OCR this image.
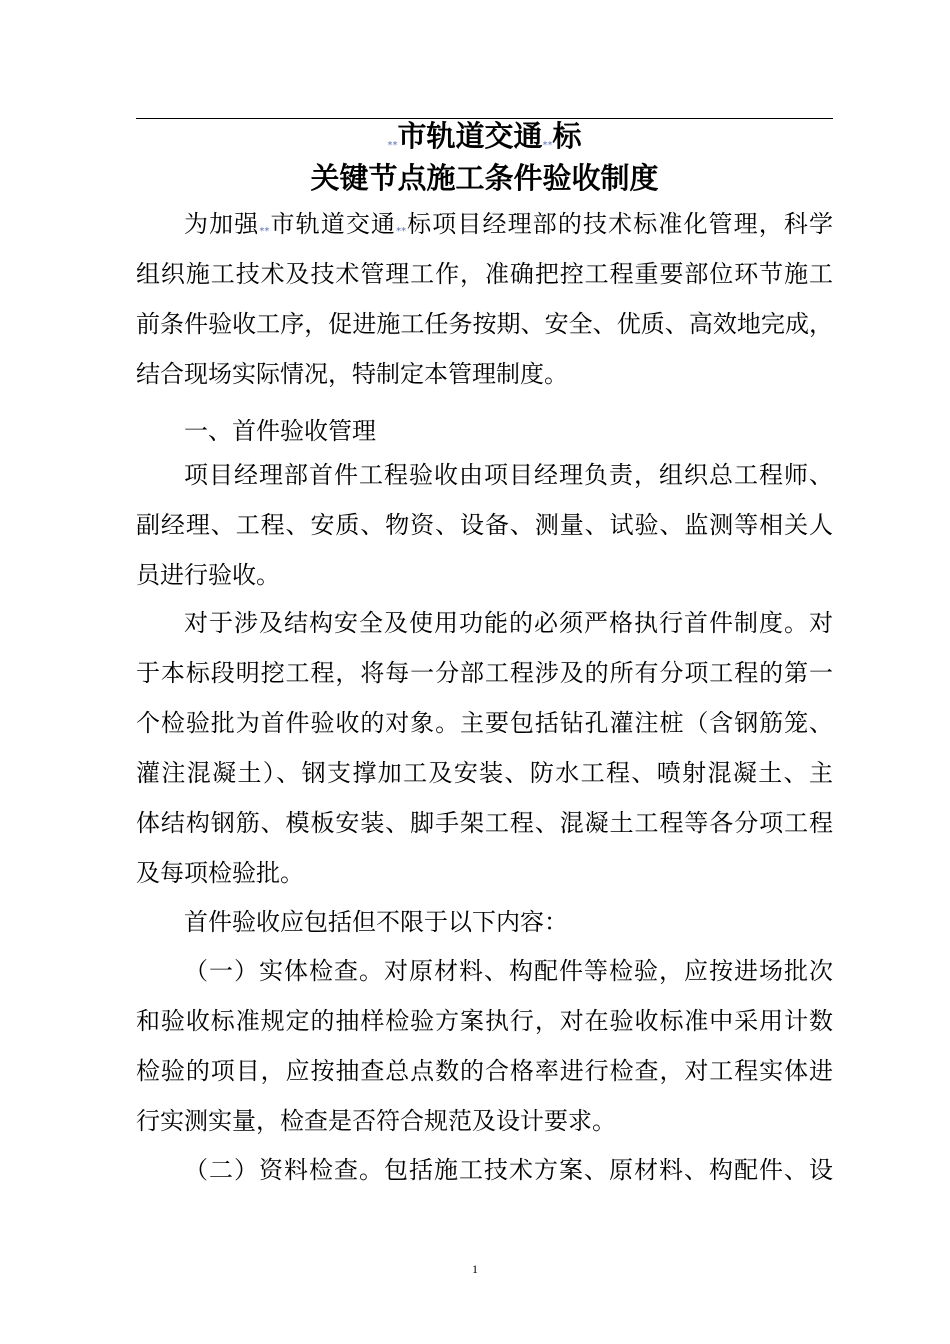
**市轨道交通**标
关键节点施工条件验收制度
为加强**市轨道交通**标项目经理部的技术标准化管理，科学
组织施工技术及技术管理工作，准确把控工程重要部位环节施工
前条件验收工序，促进施工任务按期、安全、优质、高效地完成，
结合现场实际情况，特制定本管理制度。
一、首件验收管理
项目经理部首件工程验收由项目经理负责，组织总工程师、
副经理、工程、安质、物资、设备、测量、试验、监测等相关人
员进行验收。
对于涉及结构安全及使用功能的必须严格执行首件制度。对
于本标段明挖工程，将每一分部工程涉及的所有分项工程的第一
个检验批为首件验收的对象。主要包括钻孔灌注桩（含钢筋笼、
灌注混凝土）、钢支撑加工及安装、防水工程、喷射混凝土、主
体结构钢筋、模板安装、脚手架工程、混凝土工程等各分项工程
及每项检验批。
首件验收应包括但不限于以下内容：
（一）实体检查。对原材料、构配件等检验，应按进场批次
和验收标准规定的抽样检验方案执行，对在验收标准中采用计数
检验的项目，应按抽查总点数的合格率进行检查，对工程实体进
行实测实量，检查是否符合规范及设计要求。
（二）资料检查。包括施工技术方案、原材料、构配件、设
1
